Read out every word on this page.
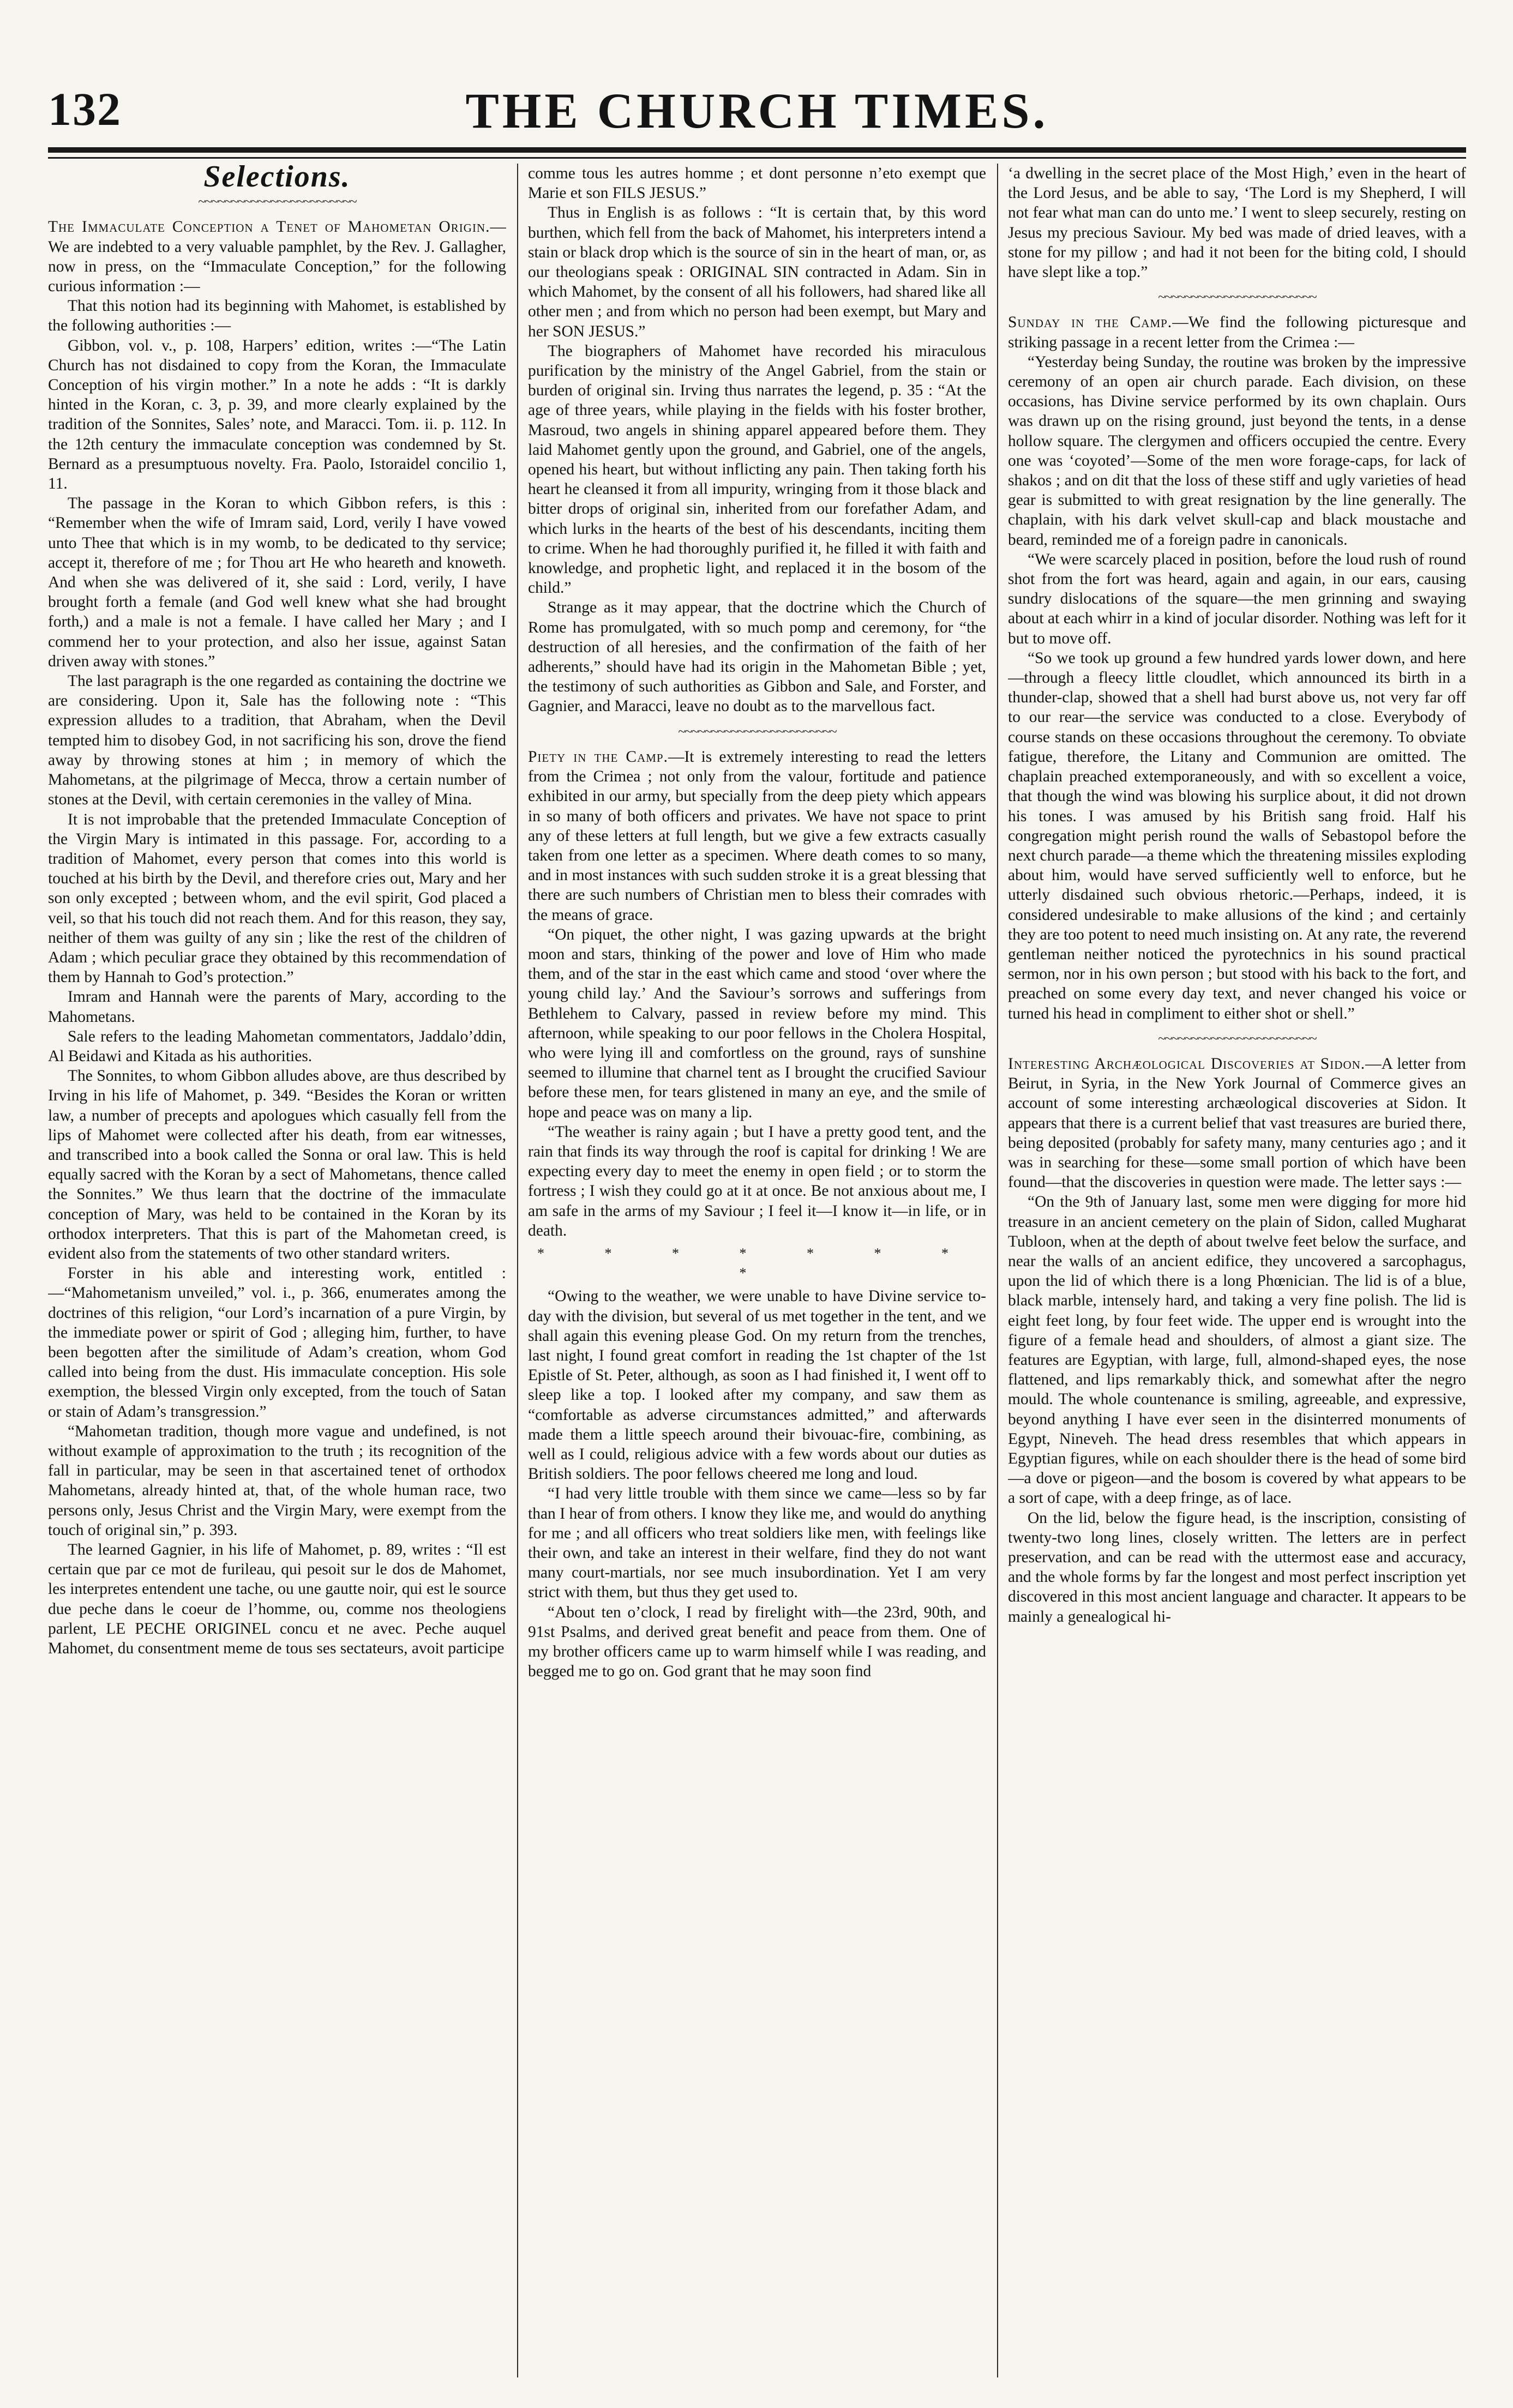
132	THE CHURCH TIMES.
Selections.
~~~~~~~~~~~~~~~~~~~~~~~~

The Immaculate Conception a Tenet of Mahometan Origin.—We are indebted to a very valuable pamphlet, by the Rev. J. Gallagher, now in press, on the “Immaculate Conception,” for the following curious information :—

That this notion had its beginning with Mahomet, is established by the following authorities :—

Gibbon, vol. v., p. 108, Harpers’ edition, writes :—“The Latin Church has not disdained to copy from the Koran, the Immaculate Conception of his virgin mother.” In a note he adds : “It is darkly hinted in the Koran, c. 3, p. 39, and more clearly explained by the tradition of the Sonnites, Sales’ note, and Maracci. Tom. ii. p. 112. In the 12th century the immaculate conception was condemned by St. Bernard as a presumptuous novelty. Fra. Paolo, Istoraidel concilio 1, 11.

The passage in the Koran to which Gibbon refers, is this : “Remember when the wife of Imram said, Lord, verily I have vowed unto Thee that which is in my womb, to be dedicated to thy service; accept it, therefore of me ; for Thou art He who heareth and knoweth. And when she was delivered of it, she said : Lord, verily, I have brought forth a female (and God well knew what she had brought forth,) and a male is not a female. I have called her Mary ; and I commend her to your protection, and also her issue, against Satan driven away with stones.”

The last paragraph is the one regarded as containing the doctrine we are considering. Upon it, Sale has the following note : “This expression alludes to a tradition, that Abraham, when the Devil tempted him to disobey God, in not sacrificing his son, drove the fiend away by throwing stones at him ; in memory of which the Mahometans, at the pilgrimage of Mecca, throw a certain number of stones at the Devil, with certain ceremonies in the valley of Mina.

It is not improbable that the pretended Immaculate Conception of the Virgin Mary is intimated in this passage. For, according to a tradition of Mahomet, every person that comes into this world is touched at his birth by the Devil, and therefore cries out, Mary and her son only excepted ; between whom, and the evil spirit, God placed a veil, so that his touch did not reach them. And for this reason, they say, neither of them was guilty of any sin ; like the rest of the children of Adam ; which peculiar grace they obtained by this recommendation of them by Hannah to God’s protection.”

Imram and Hannah were the parents of Mary, according to the Mahometans.

Sale refers to the leading Mahometan commentators, Jaddalo’ddin, Al Beidawi and Kitada as his authorities.

The Sonnites, to whom Gibbon alludes above, are thus described by Irving in his life of Mahomet, p. 349. “Besides the Koran or written law, a number of precepts and apologues which casually fell from the lips of Mahomet were collected after his death, from ear witnesses, and transcribed into a book called the Sonna or oral law. This is held equally sacred with the Koran by a sect of Mahometans, thence called the Sonnites.” We thus learn that the doctrine of the immaculate conception of Mary, was held to be contained in the Koran by its orthodox interpreters. That this is part of the Mahometan creed, is evident also from the statements of two other standard writers.

Forster in his able and interesting work, entitled :—“Mahometanism unveiled,” vol. i., p. 366, enumerates among the doctrines of this religion, “our Lord’s incarnation of a pure Virgin, by the immediate power or spirit of God ; alleging him, further, to have been begotten after the similitude of Adam’s creation, whom God called into being from the dust. His immaculate conception. His sole exemption, the blessed Virgin only excepted, from the touch of Satan or stain of Adam’s transgression.”

“Mahometan tradition, though more vague and undefined, is not without example of approximation to the truth ; its recognition of the fall in particular, may be seen in that ascertained tenet of orthodox Mahometans, already hinted at, that, of the whole human race, two persons only, Jesus Christ and the Virgin Mary, were exempt from the touch of original sin,” p. 393.

The learned Gagnier, in his life of Mahomet, p. 89, writes : “Il est certain que par ce mot de furileau, qui pesoit sur le dos de Mahomet, les interpretes entendent une tache, ou une gautte noir, qui est le source due peche dans le coeur de l’homme, ou, comme nos theologiens parlent, LE PECHE ORIGINEL concu et ne avec. Peche auquel Mahomet, du consentment meme de tous ses sectateurs, avoit participe

comme tous les autres homme ; et dont personne n’eto exempt que Marie et son FILS JESUS.”

Thus in English is as follows : “It is certain that, by this word burthen, which fell from the back of Mahomet, his interpreters intend a stain or black drop which is the source of sin in the heart of man, or, as our theologians speak : ORIGINAL SIN contracted in Adam. Sin in which Mahomet, by the consent of all his followers, had shared like all other men ; and from which no person had been exempt, but Mary and her SON JESUS.”

The biographers of Mahomet have recorded his miraculous purification by the ministry of the Angel Gabriel, from the stain or burden of original sin. Irving thus narrates the legend, p. 35 : “At the age of three years, while playing in the fields with his foster brother, Masroud, two angels in shining apparel appeared before them. They laid Mahomet gently upon the ground, and Gabriel, one of the angels, opened his heart, but without inflicting any pain. Then taking forth his heart he cleansed it from all impurity, wringing from it those black and bitter drops of original sin, inherited from our forefather Adam, and which lurks in the hearts of the best of his descendants, inciting them to crime. When he had thoroughly purified it, he filled it with faith and knowledge, and prophetic light, and replaced it in the bosom of the child.”

Strange as it may appear, that the doctrine which the Church of Rome has promulgated, with so much pomp and ceremony, for “the destruction of all heresies, and the confirmation of the faith of her adherents,” should have had its origin in the Mahometan Bible ; yet, the testimony of such authorities as Gibbon and Sale, and Forster, and Gagnier, and Maracci, leave no doubt as to the marvellous fact.

~~~~~~~~~~~~~~~~~~~~~~~~

Piety in the Camp.—It is extremely interesting to read the letters from the Crimea ; not only from the valour, fortitude and patience exhibited in our army, but specially from the deep piety which appears in so many of both officers and privates. We have not space to print any of these letters at full length, but we give a few extracts casually taken from one letter as a specimen. Where death comes to so many, and in most instances with such sudden stroke it is a great blessing that there are such numbers of Christian men to bless their comrades with the means of grace.

“On piquet, the other night, I was gazing upwards at the bright moon and stars, thinking of the power and love of Him who made them, and of the star in the east which came and stood ‘over where the young child lay.’ And the Saviour’s sorrows and sufferings from Bethlehem to Calvary, passed in review before my mind. This afternoon, while speaking to our poor fellows in the Cholera Hospital, who were lying ill and comfortless on the ground, rays of sunshine seemed to illumine that charnel tent as I brought the crucified Saviour before these men, for tears glistened in many an eye, and the smile of hope and peace was on many a lip.

“The weather is rainy again ; but I have a pretty good tent, and the rain that finds its way through the roof is capital for drinking ! We are expecting every day to meet the enemy in open field ; or to storm the fortress ; I wish they could go at it at once. Be not anxious about me, I am safe in the arms of my Saviour ; I feel it—I know it—in life, or in death.

* * * * * * * *

“Owing to the weather, we were unable to have Divine service to-day with the division, but several of us met together in the tent, and we shall again this evening please God. On my return from the trenches, last night, I found great comfort in reading the 1st chapter of the 1st Epistle of St. Peter, although, as soon as I had finished it, I went off to sleep like a top. I looked after my company, and saw them as “comfortable as adverse circumstances admitted,” and afterwards made them a little speech around their bivouac-fire, combining, as well as I could, religious advice with a few words about our duties as British soldiers. The poor fellows cheered me long and loud.

“I had very little trouble with them since we came—less so by far than I hear of from others. I know they like me, and would do anything for me ; and all officers who treat soldiers like men, with feelings like their own, and take an interest in their welfare, find they do not want many court-martials, nor see much insubordination. Yet I am very strict with them, but thus they get used to.

“About ten o’clock, I read by firelight with—the 23rd, 90th, and 91st Psalms, and derived great benefit and peace from them. One of my brother officers came up to warm himself while I was reading, and begged me to go on. God grant that he may soon find

‘a dwelling in the secret place of the Most High,’ even in the heart of the Lord Jesus, and be able to say, ‘The Lord is my Shepherd, I will not fear what man can do unto me.’ I went to sleep securely, resting on Jesus my precious Saviour. My bed was made of dried leaves, with a stone for my pillow ; and had it not been for the biting cold, I should have slept like a top.”

~~~~~~~~~~~~~~~~~~~~~~~~

Sunday in the Camp.—We find the following picturesque and striking passage in a recent letter from the Crimea :—

“Yesterday being Sunday, the routine was broken by the impressive ceremony of an open air church parade. Each division, on these occasions, has Divine service performed by its own chaplain. Ours was drawn up on the rising ground, just beyond the tents, in a dense hollow square. The clergymen and officers occupied the centre. Every one was ‘coyoted’—Some of the men wore forage-caps, for lack of shakos ; and on dit that the loss of these stiff and ugly varieties of head gear is submitted to with great resignation by the line generally. The chaplain, with his dark velvet skull-cap and black moustache and beard, reminded me of a foreign padre in canonicals.

“We were scarcely placed in position, before the loud rush of round shot from the fort was heard, again and again, in our ears, causing sundry dislocations of the square—the men grinning and swaying about at each whirr in a kind of jocular disorder. Nothing was left for it but to move off.

“So we took up ground a few hundred yards lower down, and here—through a fleecy little cloudlet, which announced its birth in a thunder-clap, showed that a shell had burst above us, not very far off to our rear—the service was conducted to a close. Everybody of course stands on these occasions throughout the ceremony. To obviate fatigue, therefore, the Litany and Communion are omitted. The chaplain preached extemporaneously, and with so excellent a voice, that though the wind was blowing his surplice about, it did not drown his tones. I was amused by his British sang froid. Half his congregation might perish round the walls of Sebastopol before the next church parade—a theme which the threatening missiles exploding about him, would have served sufficiently well to enforce, but he utterly disdained such obvious rhetoric.—Perhaps, indeed, it is considered undesirable to make allusions of the kind ; and certainly they are too potent to need much insisting on. At any rate, the reverend gentleman neither noticed the pyrotechnics in his sound practical sermon, nor in his own person ; but stood with his back to the fort, and preached on some every day text, and never changed his voice or turned his head in compliment to either shot or shell.”

~~~~~~~~~~~~~~~~~~~~~~~~

Interesting Archæological Discoveries at Sidon.—A letter from Beirut, in Syria, in the New York Journal of Commerce gives an account of some interesting archæological discoveries at Sidon. It appears that there is a current belief that vast treasures are buried there, being deposited (probably for safety many, many centuries ago ; and it was in searching for these—some small portion of which have been found—that the discoveries in question were made. The letter says :—

“On the 9th of January last, some men were digging for more hid treasure in an ancient cemetery on the plain of Sidon, called Mugharat Tubloon, when at the depth of about twelve feet below the surface, and near the walls of an ancient edifice, they uncovered a sarcophagus, upon the lid of which there is a long Phœnician. The lid is of a blue, black marble, intensely hard, and taking a very fine polish. The lid is eight feet long, by four feet wide. The upper end is wrought into the figure of a female head and shoulders, of almost a giant size. The features are Egyptian, with large, full, almond-shaped eyes, the nose flattened, and lips remarkably thick, and somewhat after the negro mould. The whole countenance is smiling, agreeable, and expressive, beyond anything I have ever seen in the disinterred monuments of Egypt, Nineveh. The head dress resembles that which appears in Egyptian figures, while on each shoulder there is the head of some bird—a dove or pigeon—and the bosom is covered by what appears to be a sort of cape, with a deep fringe, as of lace.

On the lid, below the figure head, is the inscription, consisting of twenty-two long lines, closely written. The letters are in perfect preservation, and can be read with the uttermost ease and accuracy, and the whole forms by far the longest and most perfect inscription yet discovered in this most ancient language and character. It appears to be mainly a genealogical hi-
